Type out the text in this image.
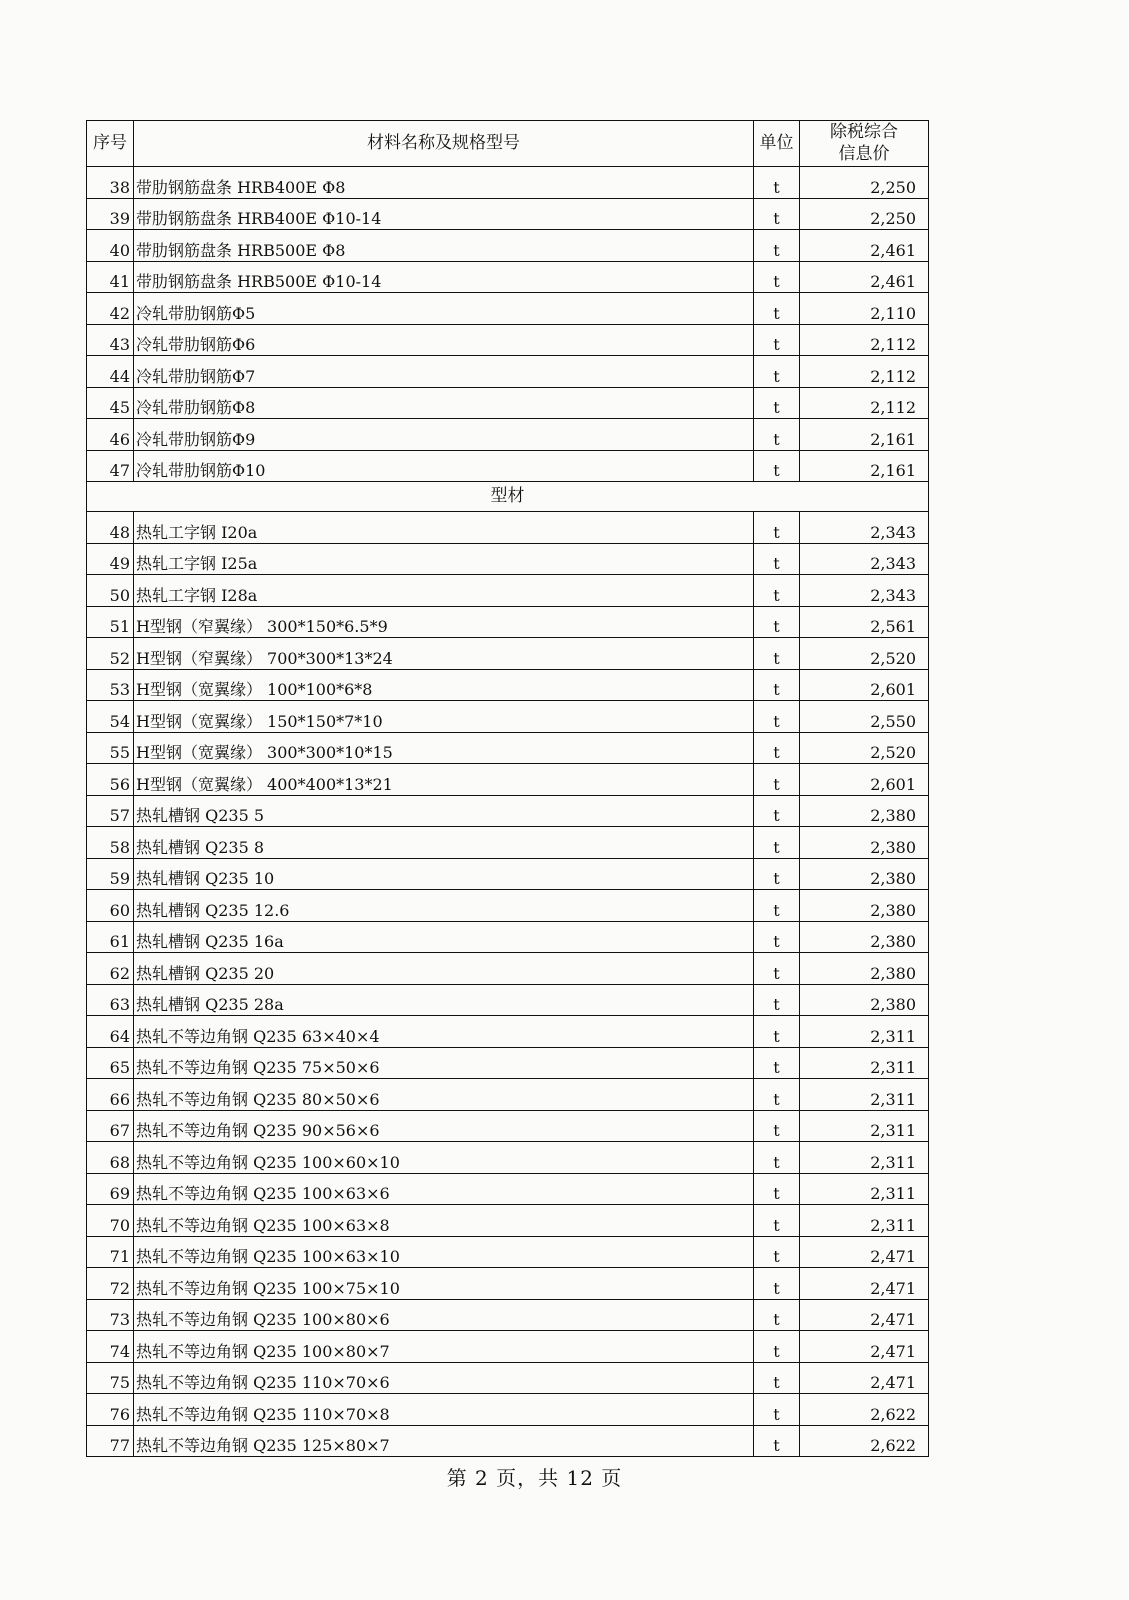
序号	材料名称及规格型号	单位	除税综合
信息价
38	带肋钢筋盘条 HRB400E Φ8	t	2,250
39	带肋钢筋盘条 HRB400E Φ10-14	t	2,250
40	带肋钢筋盘条 HRB500E Φ8	t	2,461
41	带肋钢筋盘条 HRB500E Φ10-14	t	2,461
42	冷轧带肋钢筋Φ5	t	2,110
43	冷轧带肋钢筋Φ6	t	2,112
44	冷轧带肋钢筋Φ7	t	2,112
45	冷轧带肋钢筋Φ8	t	2,112
46	冷轧带肋钢筋Φ9	t	2,161
47	冷轧带肋钢筋Φ10	t	2,161
型材			
48	热轧工字钢 I20a	t	2,343
49	热轧工字钢 I25a	t	2,343
50	热轧工字钢 I28a	t	2,343
51	H型钢（窄翼缘） 300*150*6.5*9	t	2,561
52	H型钢（窄翼缘） 700*300*13*24	t	2,520
53	H型钢（宽翼缘） 100*100*6*8	t	2,601
54	H型钢（宽翼缘） 150*150*7*10	t	2,550
55	H型钢（宽翼缘） 300*300*10*15	t	2,520
56	H型钢（宽翼缘） 400*400*13*21	t	2,601
57	热轧槽钢 Q235 5	t	2,380
58	热轧槽钢 Q235 8	t	2,380
59	热轧槽钢 Q235 10	t	2,380
60	热轧槽钢 Q235 12.6	t	2,380
61	热轧槽钢 Q235 16a	t	2,380
62	热轧槽钢 Q235 20	t	2,380
63	热轧槽钢 Q235 28a	t	2,380
64	热轧不等边角钢 Q235 63×40×4	t	2,311
65	热轧不等边角钢 Q235 75×50×6	t	2,311
66	热轧不等边角钢 Q235 80×50×6	t	2,311
67	热轧不等边角钢 Q235 90×56×6	t	2,311
68	热轧不等边角钢 Q235 100×60×10	t	2,311
69	热轧不等边角钢 Q235 100×63×6	t	2,311
70	热轧不等边角钢 Q235 100×63×8	t	2,311
71	热轧不等边角钢 Q235 100×63×10	t	2,471
72	热轧不等边角钢 Q235 100×75×10	t	2,471
73	热轧不等边角钢 Q235 100×80×6	t	2,471
74	热轧不等边角钢 Q235 100×80×7	t	2,471
75	热轧不等边角钢 Q235 110×70×6	t	2,471
76	热轧不等边角钢 Q235 110×70×8	t	2,622
77	热轧不等边角钢 Q235 125×80×7	t	2,622
第 2 页，共 12 页
